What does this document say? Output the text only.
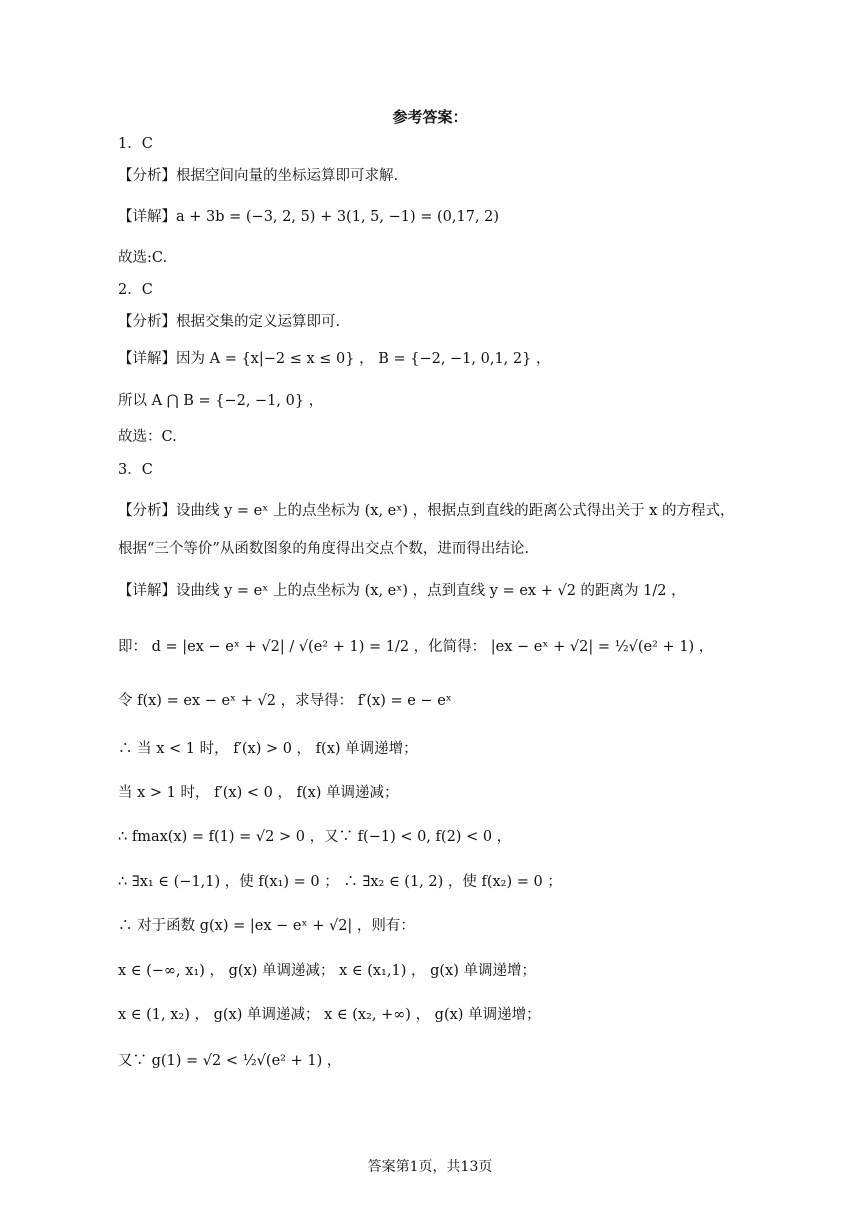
参考答案：
1．C
【分析】根据空间向量的坐标运算即可求解.
【详解】a + 3b = (−3, 2, 5) + 3(1, 5, −1) = (0,17, 2)
故选:C.
2．C
【分析】根据交集的定义运算即可.
【详解】因为 A = {x|−2 ≤ x ≤ 0} ， B = {−2, −1, 0,1, 2} ，
所以 A ⋂ B = {−2, −1, 0} ，
故选：C.
3．C
【分析】设曲线 y = eˣ 上的点坐标为 (x, eˣ) ，根据点到直线的距离公式得出关于 x 的方程式，
根据“三个等价”从函数图象的角度得出交点个数，进而得出结论.
【详解】设曲线 y = eˣ 上的点坐标为 (x, eˣ) ，点到直线 y = ex + √2 的距离为 1/2 ，
即： d = |ex − eˣ + √2| / √(e² + 1) = 1/2 ，化简得： |ex − eˣ + √2| = ½√(e² + 1) ，
令 f(x) = ex − eˣ + √2 ，求导得： f′(x) = e − eˣ
∴ 当 x < 1 时， f′(x) > 0 ， f(x) 单调递增；
当 x > 1 时， f′(x) < 0 ， f(x) 单调递减；
∴ fmax(x) = f(1) = √2 > 0 ，又∵ f(−1) < 0, f(2) < 0 ，
∴ ∃x₁ ∈ (−1,1) ，使 f(x₁) = 0 ； ∴ ∃x₂ ∈ (1, 2) ，使 f(x₂) = 0 ；
∴ 对于函数 g(x) = |ex − eˣ + √2| ，则有：
x ∈ (−∞, x₁) ， g(x) 单调递减； x ∈ (x₁,1) ， g(x) 单调递增；
x ∈ (1, x₂) ， g(x) 单调递减； x ∈ (x₂, +∞) ， g(x) 单调递增；
又∵ g(1) = √2 < ½√(e² + 1) ，
答案第1页，共13页
